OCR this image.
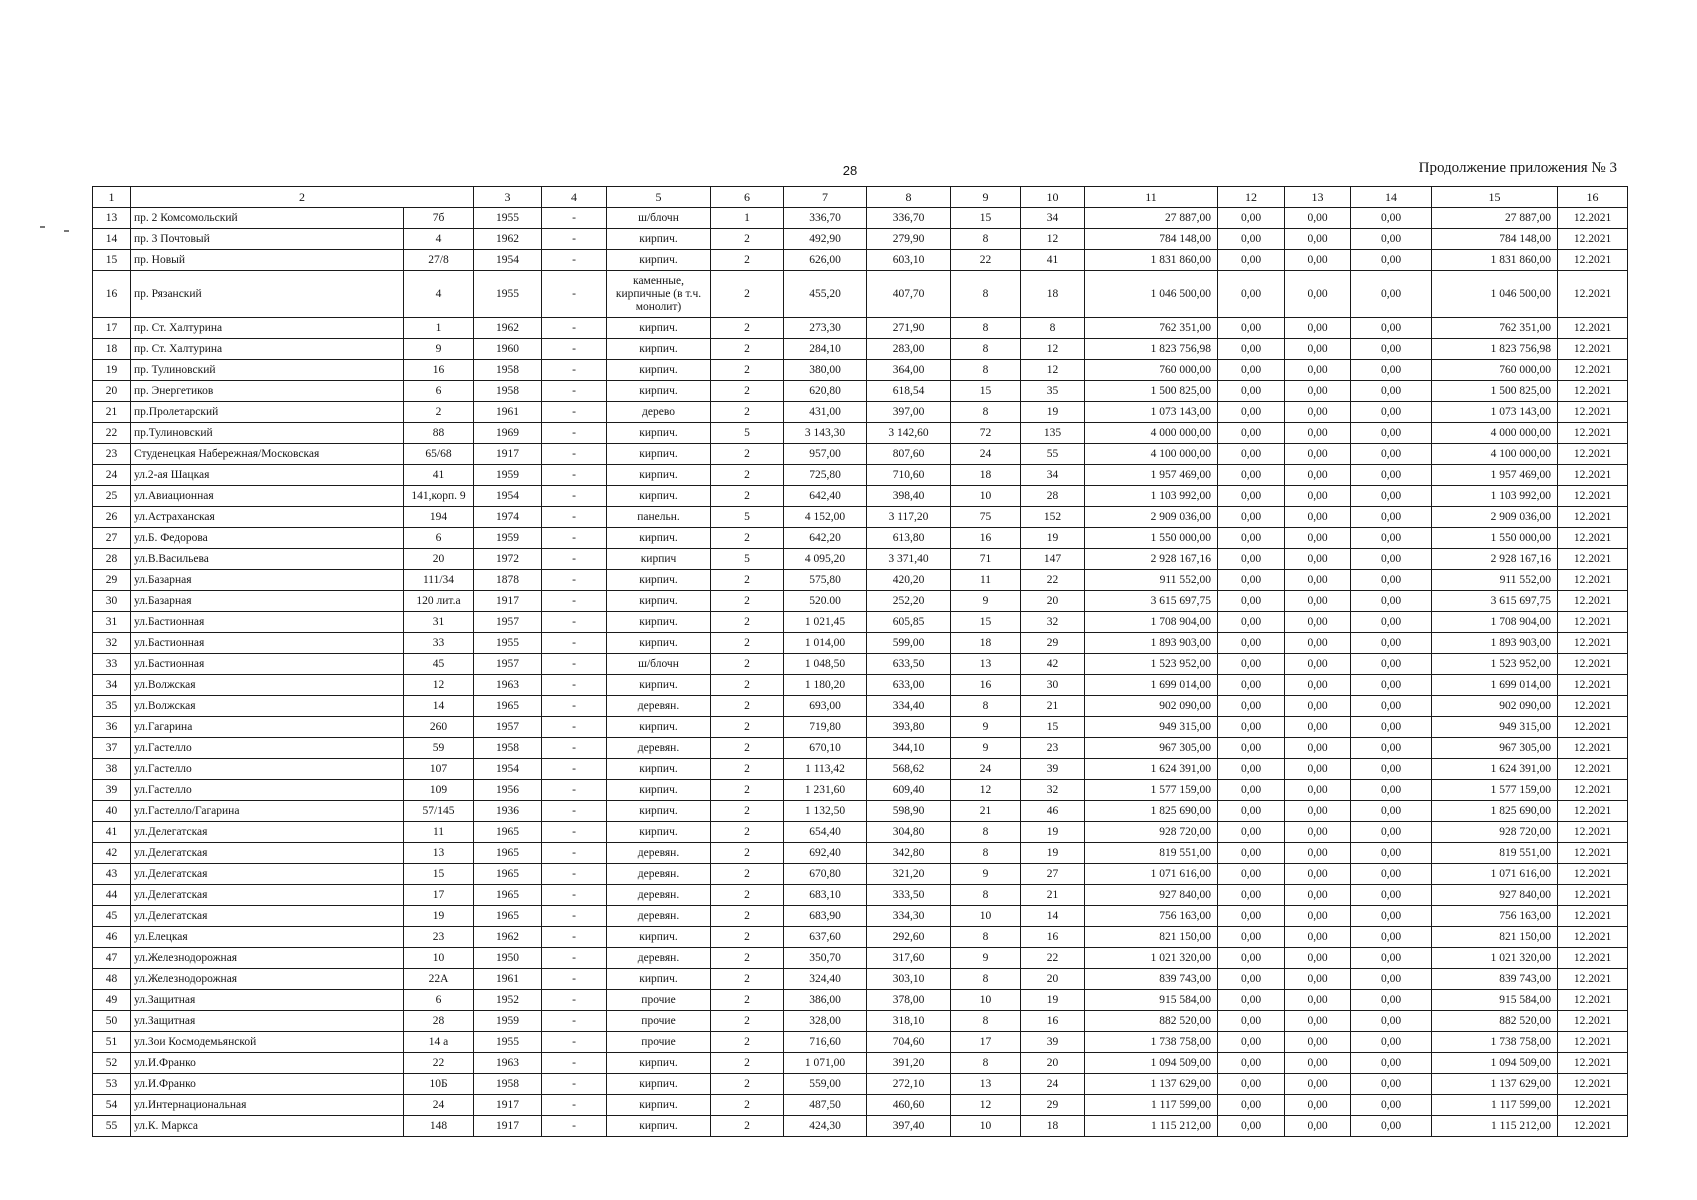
28	Продолжение приложения № 3
1	2		3	4	5	6	7	8	9	10	11	12	13	14	15	16
13	пр. 2 Комсомольский	7б	1955	-	ш/блочн	1	336,70	336,70	15	34	27 887,00	0,00	0,00	0,00	27 887,00	12.2021
14	пр. 3 Почтовый	4	1962	-	кирпич.	2	492,90	279,90	8	12	784 148,00	0,00	0,00	0,00	784 148,00	12.2021
15	пр. Новый	27/8	1954	-	кирпич.	2	626,00	603,10	22	41	1 831 860,00	0,00	0,00	0,00	1 831 860,00	12.2021
16	пр. Рязанский	4	1955	-	каменные, кирпичные (в т.ч. монолит)	2	455,20	407,70	8	18	1 046 500,00	0,00	0,00	0,00	1 046 500,00	12.2021
17	пр. Ст. Халтурина	1	1962	-	кирпич.	2	273,30	271,90	8	8	762 351,00	0,00	0,00	0,00	762 351,00	12.2021
18	пр. Ст. Халтурина	9	1960	-	кирпич.	2	284,10	283,00	8	12	1 823 756,98	0,00	0,00	0,00	1 823 756,98	12.2021
19	пр. Тулиновский	16	1958	-	кирпич.	2	380,00	364,00	8	12	760 000,00	0,00	0,00	0,00	760 000,00	12.2021
20	пр. Энергетиков	6	1958	-	кирпич.	2	620,80	618,54	15	35	1 500 825,00	0,00	0,00	0,00	1 500 825,00	12.2021
21	пр.Пролетарский	2	1961	-	дерево	2	431,00	397,00	8	19	1 073 143,00	0,00	0,00	0,00	1 073 143,00	12.2021
22	пр.Тулиновский	88	1969	-	кирпич.	5	3 143,30	3 142,60	72	135	4 000 000,00	0,00	0,00	0,00	4 000 000,00	12.2021
23	Студенецкая Набережная/Московская	65/68	1917	-	кирпич.	2	957,00	807,60	24	55	4 100 000,00	0,00	0,00	0,00	4 100 000,00	12.2021
24	ул.2-ая Шацкая	41	1959	-	кирпич.	2	725,80	710,60	18	34	1 957 469,00	0,00	0,00	0,00	1 957 469,00	12.2021
25	ул.Авиационная	141,корп. 9	1954	-	кирпич.	2	642,40	398,40	10	28	1 103 992,00	0,00	0,00	0,00	1 103 992,00	12.2021
26	ул.Астраханская	194	1974	-	панельн.	5	4 152,00	3 117,20	75	152	2 909 036,00	0,00	0,00	0,00	2 909 036,00	12.2021
27	ул.Б. Федорова	6	1959	-	кирпич.	2	642,20	613,80	16	19	1 550 000,00	0,00	0,00	0,00	1 550 000,00	12.2021
28	ул.В.Васильева	20	1972	-	кирпич	5	4 095,20	3 371,40	71	147	2 928 167,16	0,00	0,00	0,00	2 928 167,16	12.2021
29	ул.Базарная	111/34	1878	-	кирпич.	2	575,80	420,20	11	22	911 552,00	0,00	0,00	0,00	911 552,00	12.2021
30	ул.Базарная	120 лит.а	1917	-	кирпич.	2	520.00	252,20	9	20	3 615 697,75	0,00	0,00	0,00	3 615 697,75	12.2021
31	ул.Бастионная	31	1957	-	кирпич.	2	1 021,45	605,85	15	32	1 708 904,00	0,00	0,00	0,00	1 708 904,00	12.2021
32	ул.Бастионная	33	1955	-	кирпич.	2	1 014,00	599,00	18	29	1 893 903,00	0,00	0,00	0,00	1 893 903,00	12.2021
33	ул.Бастионная	45	1957	-	ш/блочн	2	1 048,50	633,50	13	42	1 523 952,00	0,00	0,00	0,00	1 523 952,00	12.2021
34	ул.Волжская	12	1963	-	кирпич.	2	1 180,20	633,00	16	30	1 699 014,00	0,00	0,00	0,00	1 699 014,00	12.2021
35	ул.Волжская	14	1965	-	деревян.	2	693,00	334,40	8	21	902 090,00	0,00	0,00	0,00	902 090,00	12.2021
36	ул.Гагарина	260	1957	-	кирпич.	2	719,80	393,80	9	15	949 315,00	0,00	0,00	0,00	949 315,00	12.2021
37	ул.Гастелло	59	1958	-	деревян.	2	670,10	344,10	9	23	967 305,00	0,00	0,00	0,00	967 305,00	12.2021
38	ул.Гастелло	107	1954	-	кирпич.	2	1 113,42	568,62	24	39	1 624 391,00	0,00	0,00	0,00	1 624 391,00	12.2021
39	ул.Гастелло	109	1956	-	кирпич.	2	1 231,60	609,40	12	32	1 577 159,00	0,00	0,00	0,00	1 577 159,00	12.2021
40	ул.Гастелло/Гагарина	57/145	1936	-	кирпич.	2	1 132,50	598,90	21	46	1 825 690,00	0,00	0,00	0,00	1 825 690,00	12.2021
41	ул.Делегатская	11	1965	-	кирпич.	2	654,40	304,80	8	19	928 720,00	0,00	0,00	0,00	928 720,00	12.2021
42	ул.Делегатская	13	1965	-	деревян.	2	692,40	342,80	8	19	819 551,00	0,00	0,00	0,00	819 551,00	12.2021
43	ул.Делегатская	15	1965	-	деревян.	2	670,80	321,20	9	27	1 071 616,00	0,00	0,00	0,00	1 071 616,00	12.2021
44	ул.Делегатская	17	1965	-	деревян.	2	683,10	333,50	8	21	927 840,00	0,00	0,00	0,00	927 840,00	12.2021
45	ул.Делегатская	19	1965	-	деревян.	2	683,90	334,30	10	14	756 163,00	0,00	0,00	0,00	756 163,00	12.2021
46	ул.Елецкая	23	1962	-	кирпич.	2	637,60	292,60	8	16	821 150,00	0,00	0,00	0,00	821 150,00	12.2021
47	ул.Железнодорожная	10	1950	-	деревян.	2	350,70	317,60	9	22	1 021 320,00	0,00	0,00	0,00	1 021 320,00	12.2021
48	ул.Железнодорожная	22А	1961	-	кирпич.	2	324,40	303,10	8	20	839 743,00	0,00	0,00	0,00	839 743,00	12.2021
49	ул.Защитная	6	1952	-	прочие	2	386,00	378,00	10	19	915 584,00	0,00	0,00	0,00	915 584,00	12.2021
50	ул.Защитная	28	1959	-	прочие	2	328,00	318,10	8	16	882 520,00	0,00	0,00	0,00	882 520,00	12.2021
51	ул.Зои Космодемьянской	14 а	1955	-	прочие	2	716,60	704,60	17	39	1 738 758,00	0,00	0,00	0,00	1 738 758,00	12.2021
52	ул.И.Франко	22	1963	-	кирпич.	2	1 071,00	391,20	8	20	1 094 509,00	0,00	0,00	0,00	1 094 509,00	12.2021
53	ул.И.Франко	10Б	1958	-	кирпич.	2	559,00	272,10	13	24	1 137 629,00	0,00	0,00	0,00	1 137 629,00	12.2021
54	ул.Интернациональная	24	1917	-	кирпич.	2	487,50	460,60	12	29	1 117 599,00	0,00	0,00	0,00	1 117 599,00	12.2021
55	ул.К. Маркса	148	1917	-	кирпич.	2	424,30	397,40	10	18	1 115 212,00	0,00	0,00	0,00	1 115 212,00	12.2021
